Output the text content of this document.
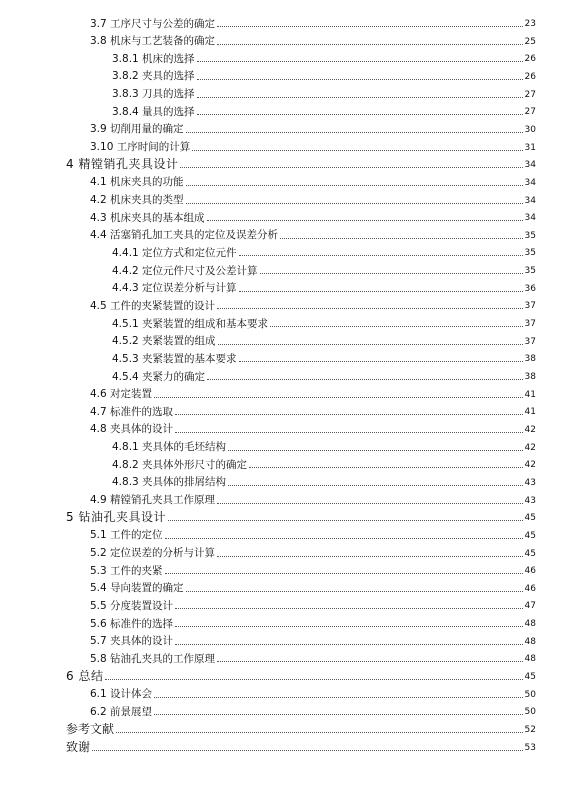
3.7 工序尺寸与公差的确定	23
3.8 机床与工艺装备的确定	25
3.8.1 机床的选择	26
3.8.2 夹具的选择	26
3.8.3 刀具的选择	27
3.8.4 量具的选择	27
3.9 切削用量的确定	30
3.10 工序时间的计算	31
4 精镗销孔夹具设计	34
4.1 机床夹具的功能	34
4.2 机床夹具的类型	34
4.3 机床夹具的基本组成	34
4.4 活塞销孔加工夹具的定位及误差分析	35
4.4.1 定位方式和定位元件	35
4.4.2 定位元件尺寸及公差计算	35
4.4.3 定位误差分析与计算	36
4.5 工件的夹紧装置的设计	37
4.5.1 夹紧装置的组成和基本要求	37
4.5.2 夹紧装置的组成	37
4.5.3 夹紧装置的基本要求	38
4.5.4 夹紧力的确定	38
4.6 对定装置	41
4.7 标准件的选取	41
4.8 夹具体的设计	42
4.8.1 夹具体的毛坯结构	42
4.8.2 夹具体外形尺寸的确定	42
4.8.3 夹具体的排屑结构	43
4.9 精镗销孔夹具工作原理	43
5 钻油孔夹具设计	45
5.1 工件的定位	45
5.2 定位误差的分析与计算	45
5.3 工件的夹紧	46
5.4 导向装置的确定	46
5.5 分度装置设计	47
5.6 标准件的选择	48
5.7 夹具体的设计	48
5.8 钻油孔夹具的工作原理	48
6 总结	45
6.1 设计体会	50
6.2 前景展望	50
参考文献	52
致谢	53
